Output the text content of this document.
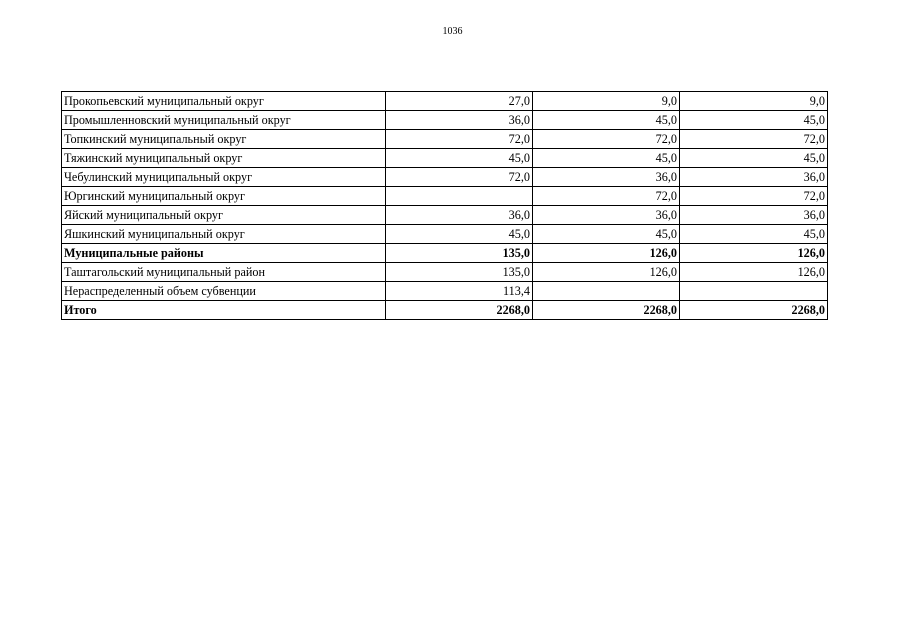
1036
Прокопьевский муниципальный округ	27,0	9,0	9,0
Промышленновский муниципальный округ	36,0	45,0	45,0
Топкинский муниципальный округ	72,0	72,0	72,0
Тяжинский муниципальный округ	45,0	45,0	45,0
Чебулинский муниципальный округ	72,0	36,0	36,0
Юргинский муниципальный округ		72,0	72,0
Яйский муниципальный округ	36,0	36,0	36,0
Яшкинский муниципальный округ	45,0	45,0	45,0
Муниципальные районы	135,0	126,0	126,0
Таштагольский муниципальный район	135,0	126,0	126,0
Нераспределенный объем субвенции	113,4		
Итого	2268,0	2268,0	2268,0
